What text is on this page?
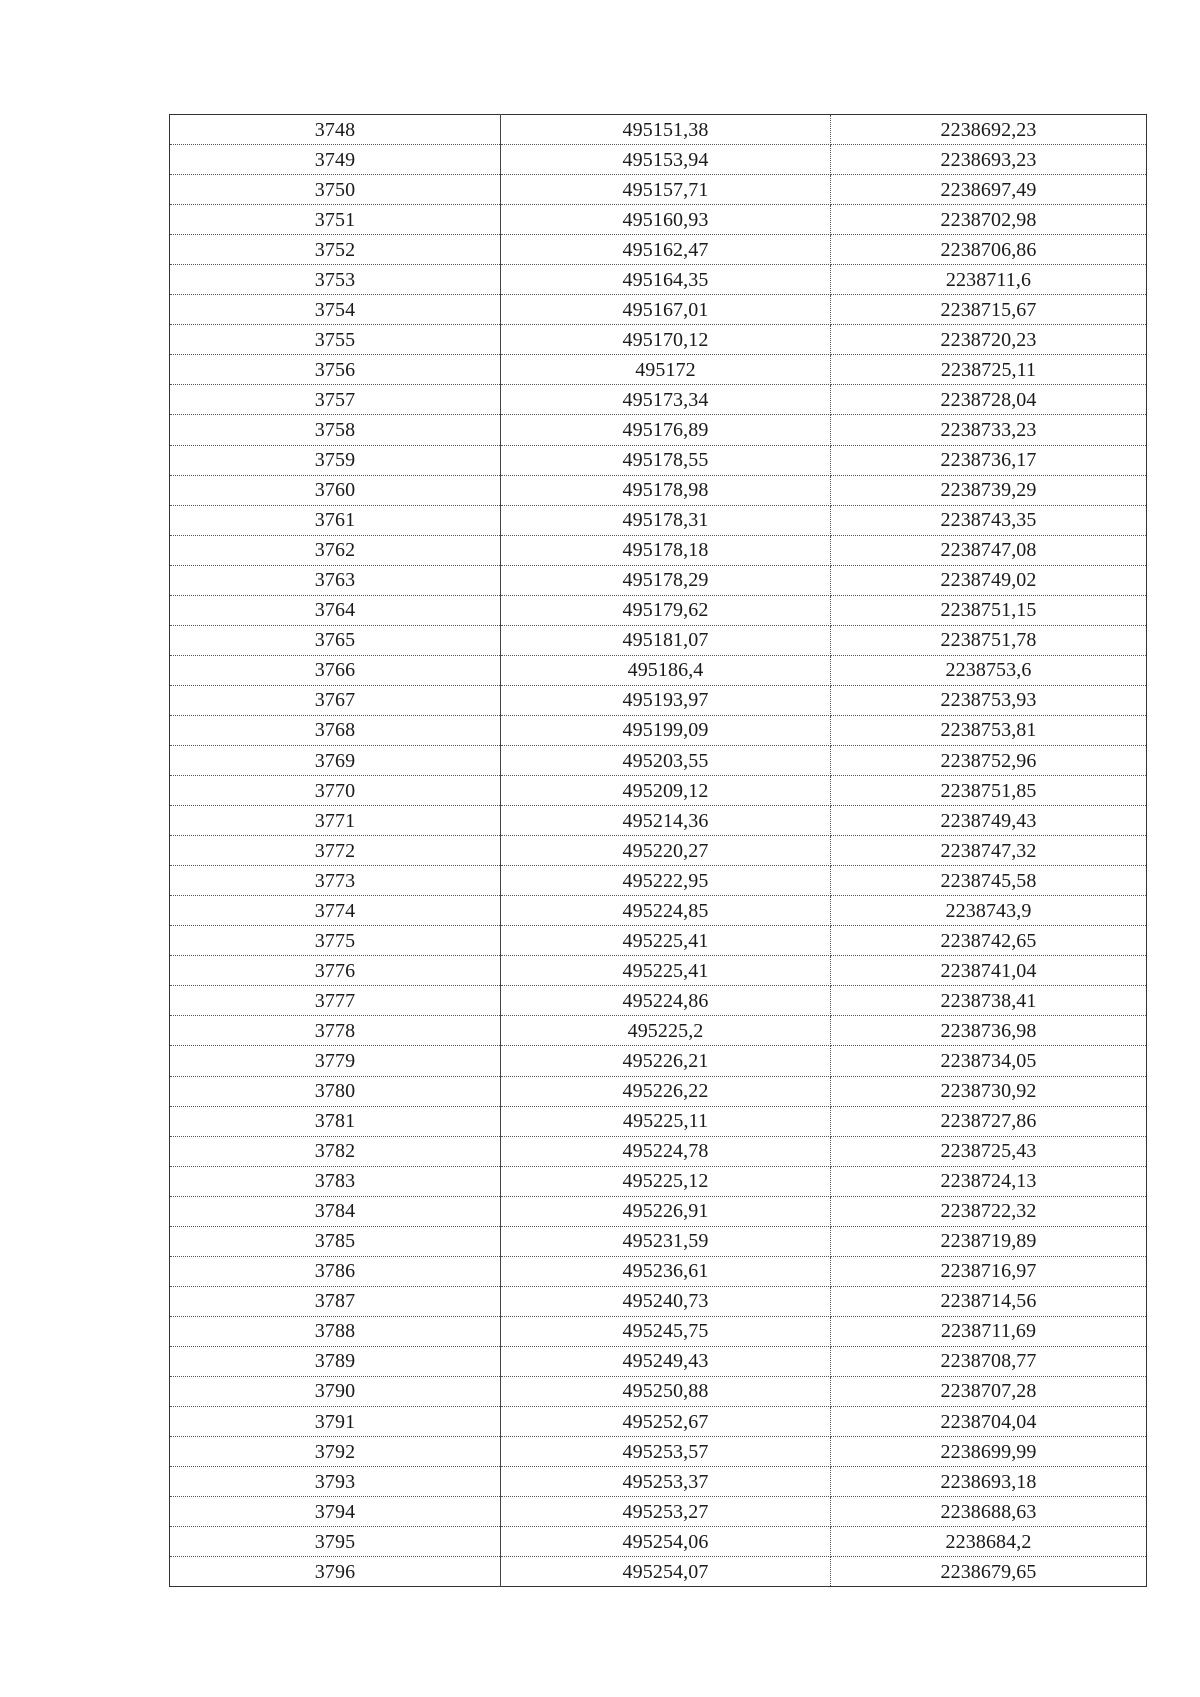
3748	495151,38	2238692,23
3749	495153,94	2238693,23
3750	495157,71	2238697,49
3751	495160,93	2238702,98
3752	495162,47	2238706,86
3753	495164,35	2238711,6
3754	495167,01	2238715,67
3755	495170,12	2238720,23
3756	495172	2238725,11
3757	495173,34	2238728,04
3758	495176,89	2238733,23
3759	495178,55	2238736,17
3760	495178,98	2238739,29
3761	495178,31	2238743,35
3762	495178,18	2238747,08
3763	495178,29	2238749,02
3764	495179,62	2238751,15
3765	495181,07	2238751,78
3766	495186,4	2238753,6
3767	495193,97	2238753,93
3768	495199,09	2238753,81
3769	495203,55	2238752,96
3770	495209,12	2238751,85
3771	495214,36	2238749,43
3772	495220,27	2238747,32
3773	495222,95	2238745,58
3774	495224,85	2238743,9
3775	495225,41	2238742,65
3776	495225,41	2238741,04
3777	495224,86	2238738,41
3778	495225,2	2238736,98
3779	495226,21	2238734,05
3780	495226,22	2238730,92
3781	495225,11	2238727,86
3782	495224,78	2238725,43
3783	495225,12	2238724,13
3784	495226,91	2238722,32
3785	495231,59	2238719,89
3786	495236,61	2238716,97
3787	495240,73	2238714,56
3788	495245,75	2238711,69
3789	495249,43	2238708,77
3790	495250,88	2238707,28
3791	495252,67	2238704,04
3792	495253,57	2238699,99
3793	495253,37	2238693,18
3794	495253,27	2238688,63
3795	495254,06	2238684,2
3796	495254,07	2238679,65
